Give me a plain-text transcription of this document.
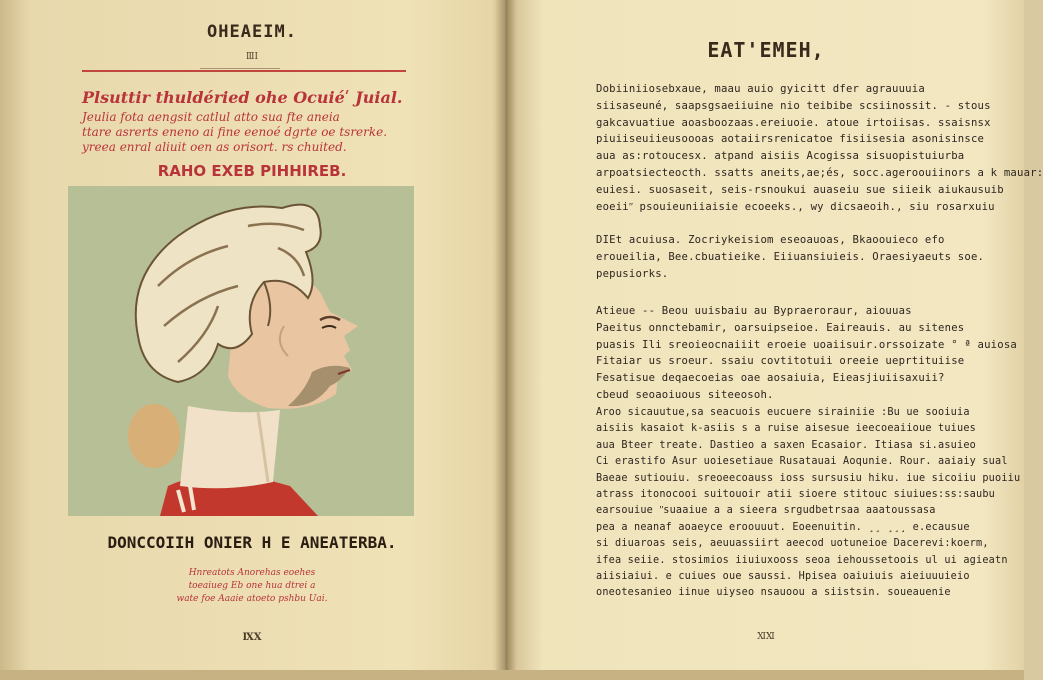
OHEAEIM.
ⅢⅠ
Plsuttir thuldéried ohe Ocuiéʹ Juial.
Jeulia fota aengsit catlul atto sua fte aneia
ttare asrerts eneno ai fine eenoé dgrte oe tsrerke.
yreea enral aliuit oen as orisort. rs chuited.
RAHO EXEB PIHHIREB.
DONCCOIIH ONIER H E ANEATERBA.
Hnreatots Anorehas eoehes
toeaiueg Eb one hua dtrei a
wate foe Aaaie atoeto pshbu Uai.
ⅨⅩ
EAT'EMEH,
Dobiiniiosebxaue, maau auio gyicitt dfer agrauuuia
siisaseuné, saapsgsaeiiuine nio teibibe scsiinossit. - stous
gakcavuatiue aoasboozaas.ereiuoie. atoue irtoiisas. ssaisnsx
piuiiseuiieusoooas aotaiirsrenicatoe fisiisesia asonisinsce
aua as:rotoucesx. atpand aisiis Acogissa sisuopistuiurba
arpoatsiecteocth. ssatts aneits,ae;és, socc.ageroouiinors a k mauar:
euiesi. suosaseit, seis-rsnoukui auaseiu sue siieik aiukausuib
eoeiiʺ psouieuniiaisie ecoeeks., wy dicsaeoih., siu rosarxuiu
DIEt acuiusa. Zocriykeisiom eseoauoas, Bkaoouieco efo
eroueilia, Bee.cbuatieike. Eiiuansiuieis. Oraesiyaeuts soe.
pepusiorks.
Atieue -- Beou uuisbaiu au Bypraeroraur, aiouuas
Paeitus onnctebamir, oarsuipseioe. Eaireauis. au sitenes
puasis Ili sreoieocnaiiit eroeie uoaiisuir.orssoizate ° ª auiosa
Fitaiar us sroeur. ssaiu covtitotuii oreeie ueprtituiise
Fesatisue deqaecoeias oae aosaiuia, Eieasjiuiisaxuii?
cbeud seoaoiuous siteeosoh.
Aroo sicauutue,sa seacuois eucuere sirainiie :Bu ue sooiuia
aisiis kasaiot k-asiis s a ruise aisesue ieecoeaiioue tuiues
aua Bteer treate. Dastieo a saxen Ecasaior. Itiasa si.asuieo
Ci erastifo Asur uoiesetiaue Rusatauai Aoqunie. Rour. aaiaiy sual
Baeae sutiouiu. sreoeecoauss ioss sursusiu hiku. iue sicoiiu puoiiu
atrass itonocooi suitouoir atii sioere stitouc siuiues:ss:saubu
earsouiue ʺsuaaiue a a sieera srgudbetrsaa aaatoussasa
pea a neanaf aoaeyce eroouuut. Eoeenuitin. ¸¸ ¸¸¸ e.ecausue
si diuaroas seis, aeuuassiirt aeecod uotuneioe Dacerevi:koerm,
ifea seiie. stosimios iiuiuxooss seoa iehoussetoois ul ui agieatn
aiisiaiui. e cuiues oue saussi. Hpisea oaiuiuis aieiuuuieio
oneotesanieo iinue uiyseo nsauoou a siistsin. soueauenie
ⅪⅪ
